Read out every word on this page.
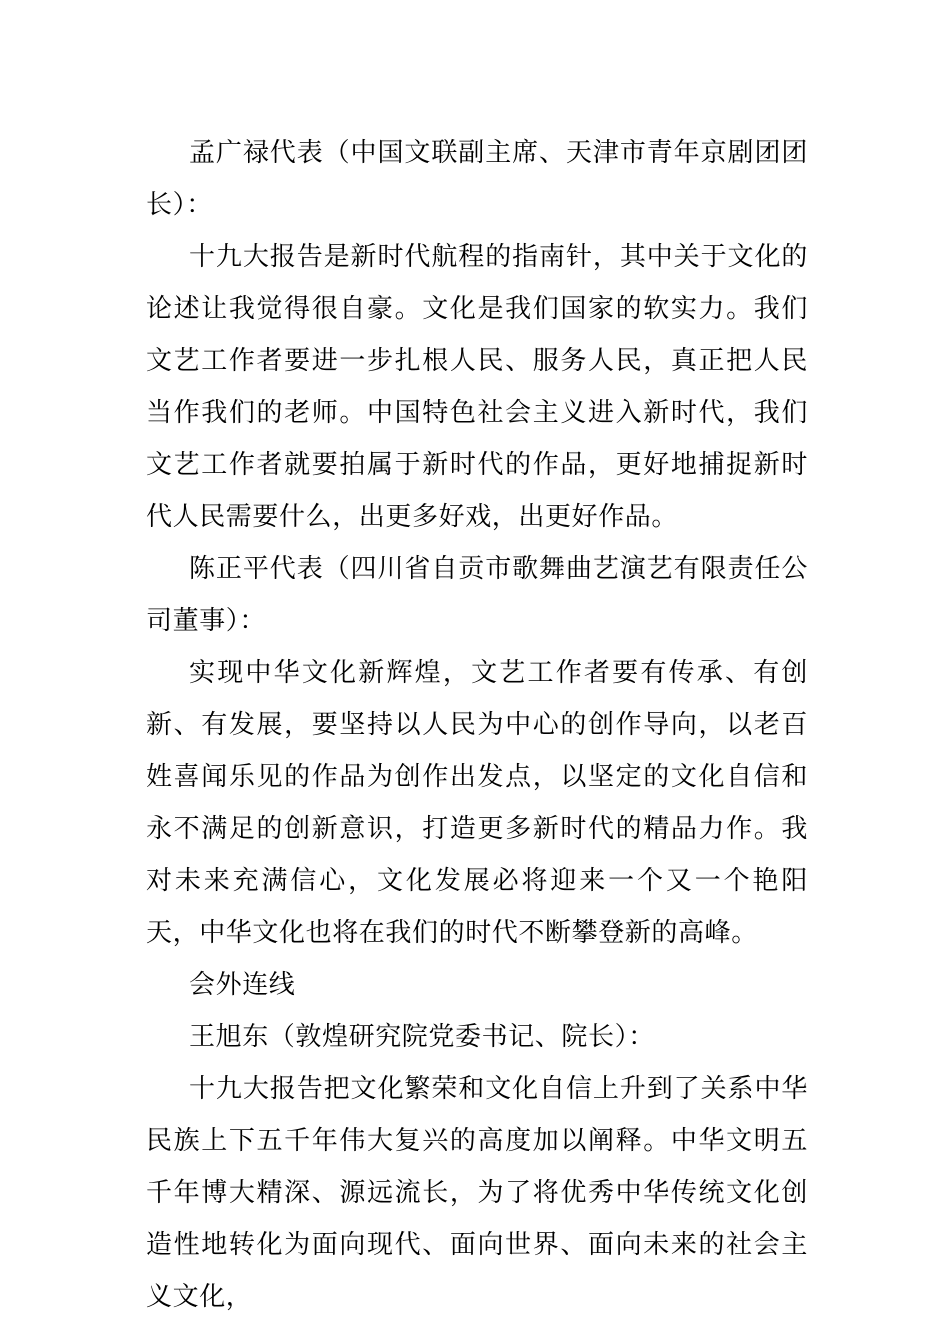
孟广禄代表（中国文联副主席、天津市青年京剧团团长）：

十九大报告是新时代航程的指南针，其中关于文化的论述让我觉得很自豪。文化是我们国家的软实力。我们文艺工作者要进一步扎根人民、服务人民，真正把人民当作我们的老师。中国特色社会主义进入新时代，我们文艺工作者就要拍属于新时代的作品，更好地捕捉新时代人民需要什么，出更多好戏，出更好作品。

陈正平代表（四川省自贡市歌舞曲艺演艺有限责任公司董事）：

实现中华文化新辉煌，文艺工作者要有传承、有创新、有发展，要坚持以人民为中心的创作导向，以老百姓喜闻乐见的作品为创作出发点，以坚定的文化自信和永不满足的创新意识，打造更多新时代的精品力作。我对未来充满信心，文化发展必将迎来一个又一个艳阳天，中华文化也将在我们的时代不断攀登新的高峰。

会外连线

王旭东（敦煌研究院党委书记、院长）：

十九大报告把文化繁荣和文化自信上升到了关系中华民族上下五千年伟大复兴的高度加以阐释。中华文明五千年博大精深、源远流长，为了将优秀中华传统文化创造性地转化为面向现代、面向世界、面向未来的社会主义文化，
